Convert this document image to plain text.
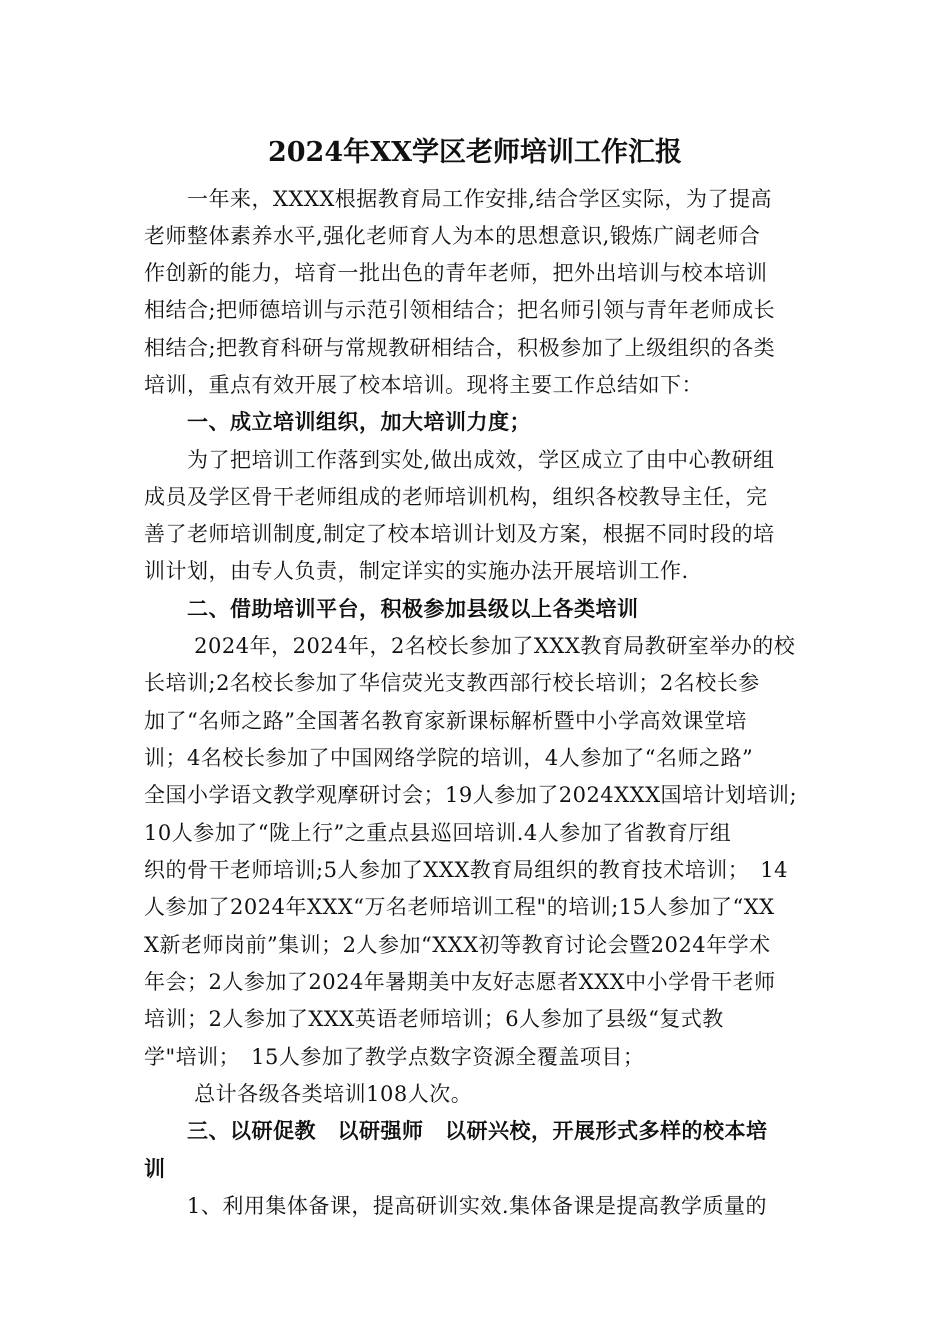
2024年XX学区老师培训工作汇报
　　一年来，XXXX根据教育局工作安排,结合学区实际，为了提高
老师整体素养水平,强化老师育人为本的思想意识,锻炼广阔老师合
作创新的能力，培育一批出色的青年老师，把外出培训与校本培训
相结合;把师德培训与示范引领相结合；把名师引领与青年老师成长
相结合;把教育科研与常规教研相结合，积极参加了上级组织的各类
培训，重点有效开展了校本培训。现将主要工作总结如下：
　　一、成立培训组织，加大培训力度；
　　为了把培训工作落到实处,做出成效，学区成立了由中心教研组
成员及学区骨干老师组成的老师培训机构，组织各校教导主任，完
善了老师培训制度,制定了校本培训计划及方案，根据不同时段的培
训计划，由专人负责，制定详实的实施办法开展培训工作.
　　二、借助培训平台，积极参加县级以上各类培训
　　 2024年，2024年，2名校长参加了XXX教育局教研室举办的校
长培训;2名校长参加了华信荧光支教西部行校长培训；2名校长参
加了“名师之路”全国著名教育家新课标解析暨中小学高效课堂培
训；4名校长参加了中国网络学院的培训，4人参加了“名师之路”
全国小学语文教学观摩研讨会；19人参加了2024XXX国培计划培训;
10人参加了“陇上行”之重点县巡回培训.4人参加了省教育厅组
织的骨干老师培训;5人参加了XXX教育局组织的教育技术培训；　14
人参加了2024年XXX“万名老师培训工程"的培训;15人参加了“XX
X新老师岗前”集训；2人参加“XXX初等教育讨论会暨2024年学术
年会；2人参加了2024年暑期美中友好志愿者XXX中小学骨干老师
培训；2人参加了XXX英语老师培训；6人参加了县级“复式教
学"培训；　15人参加了教学点数字资源全覆盖项目；
　　 总计各级各类培训108人次。
　　三、以研促教　以研强师　以研兴校，开展形式多样的校本培
训
　　1、利用集体备课，提高研训实效.集体备课是提高教学质量的
